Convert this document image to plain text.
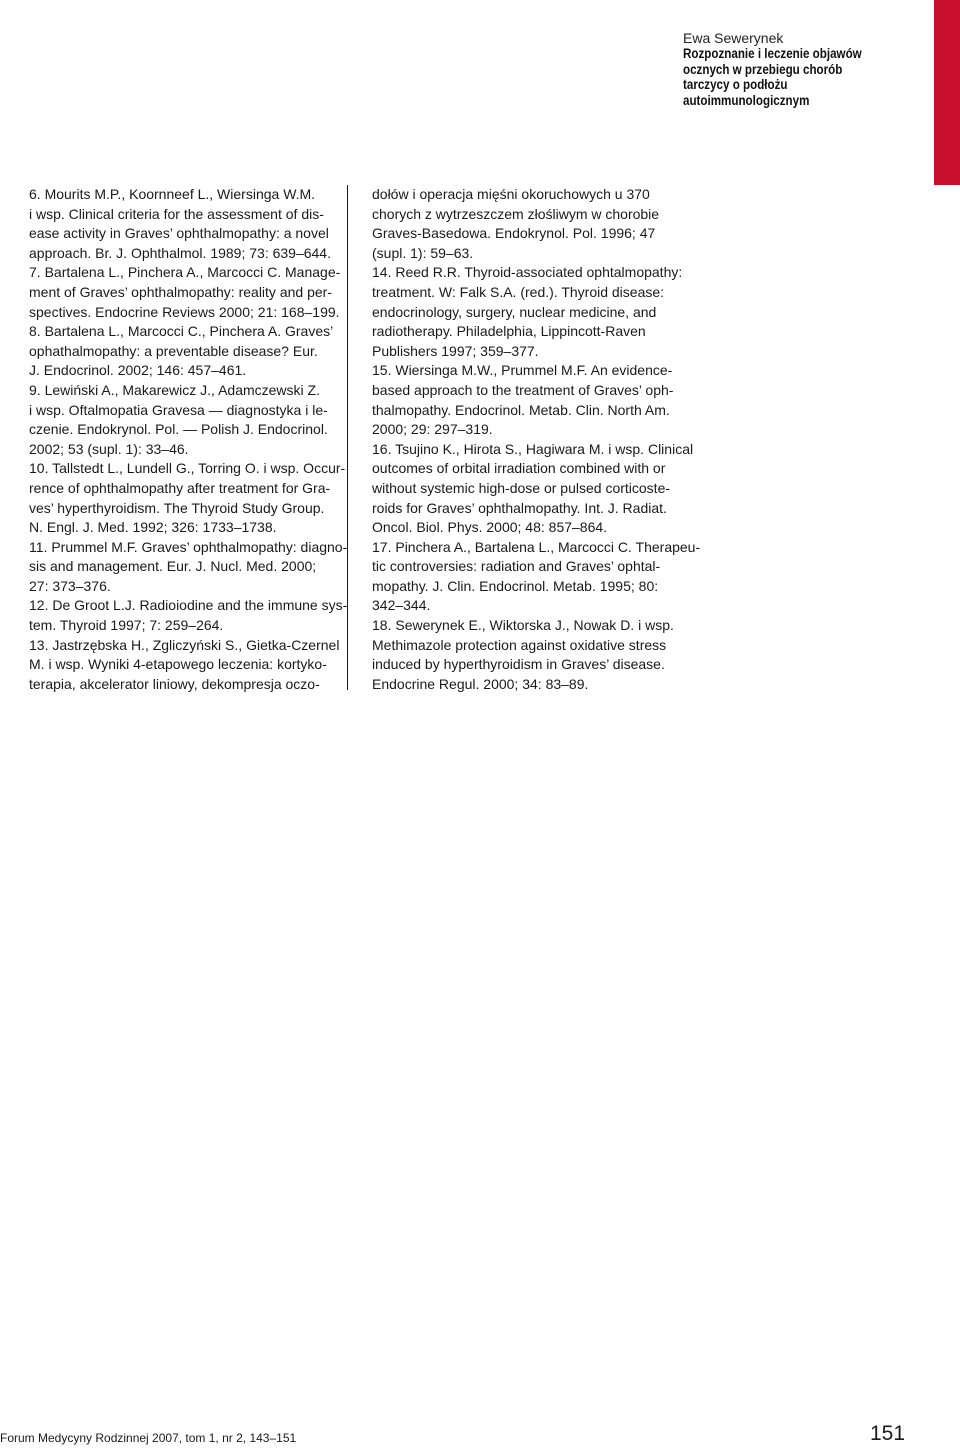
Ewa Sewerynek
Rozpoznanie i leczenie objawów
ocznych w przebiegu chorób
tarczycy o podłożu
autoimmunologicznym
6. Mourits M.P., Koornneef L., Wiersinga W.M.
i wsp. Clinical criteria for the assessment of dis-
ease activity in Graves’ ophthalmopathy: a novel
approach. Br. J. Ophthalmol. 1989; 73: 639–644.
7. Bartalena L., Pinchera A., Marcocci C. Manage-
ment of Graves’ ophthalmopathy: reality and per-
spectives. Endocrine Reviews 2000; 21: 168–199.
8. Bartalena L., Marcocci C., Pinchera A. Graves’
ophathalmopathy: a preventable disease? Eur.
J. Endocrinol. 2002; 146: 457–461.
9. Lewiński A., Makarewicz J., Adamczewski Z.
i wsp. Oftalmopatia Gravesa — diagnostyka i le-
czenie. Endokrynol. Pol. — Polish J. Endocrinol.
2002; 53 (supl. 1): 33–46.
10. Tallstedt L., Lundell G., Torring O. i wsp. Occur-
rence of ophthalmopathy after treatment for Gra-
ves’ hyperthyroidism. The Thyroid Study Group.
N. Engl. J. Med. 1992; 326: 1733–1738.
11. Prummel M.F. Graves’ ophthalmopathy: diagno-
sis and management. Eur. J. Nucl. Med. 2000;
27: 373–376.
12. De Groot L.J. Radioiodine and the immune sys-
tem. Thyroid 1997; 7: 259–264.
13. Jastrzębska H., Zgliczyński S., Gietka-Czernel
M. i wsp. Wyniki 4-etapowego leczenia: kortyko-
terapia, akcelerator liniowy, dekompresja oczo-
dołów i operacja mięśni okoruchowych u 370
chorych z wytrzeszczem złośliwym w chorobie
Graves-Basedowa. Endokrynol. Pol. 1996; 47
(supl. 1): 59–63.
14. Reed R.R. Thyroid-associated ophtalmopathy:
treatment. W: Falk S.A. (red.). Thyroid disease:
endocrinology, surgery, nuclear medicine, and
radiotherapy. Philadelphia, Lippincott-Raven
Publishers 1997; 359–377.
15. Wiersinga M.W., Prummel M.F. An evidence-
based approach to the treatment of Graves’ oph-
thalmopathy. Endocrinol. Metab. Clin. North Am.
2000; 29: 297–319.
16. Tsujino K., Hirota S., Hagiwara M. i wsp. Clinical
outcomes of orbital irradiation combined with or
without systemic high-dose or pulsed corticoste-
roids for Graves’ ophthalmopathy. Int. J. Radiat.
Oncol. Biol. Phys. 2000; 48: 857–864.
17. Pinchera A., Bartalena L., Marcocci C. Therapeu-
tic controversies: radiation and Graves’ ophtal-
mopathy. J. Clin. Endocrinol. Metab. 1995; 80:
342–344.
18. Sewerynek E., Wiktorska J., Nowak D. i wsp.
Methimazole protection against oxidative stress
induced by hyperthyroidism in Graves’ disease.
Endocrine Regul. 2000; 34: 83–89.
Forum Medycyny Rodzinnej 2007, tom 1, nr 2, 143–151	151
